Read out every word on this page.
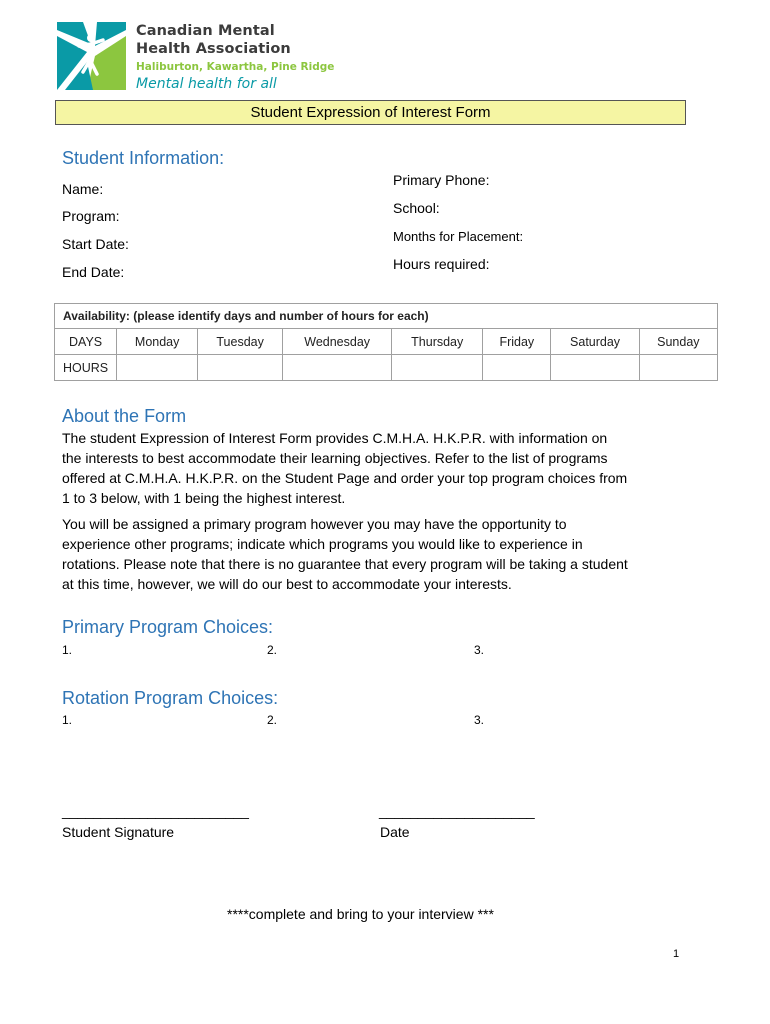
Canadian Mental
Health Association
Haliburton, Kawartha, Pine Ridge
Mental health for all
Student Expression of Interest Form
Student Information:
Name:
Program:
Start Date:
End Date:
Primary Phone:
School:
Months for Placement:
Hours required:
Availability: (please identify days and number of hours for each)							
DAYS	Monday	Tuesday	Wednesday	Thursday	Friday	Saturday	Sunday
HOURS							
About the Form
The student Expression of Interest Form provides C.M.H.A. H.K.P.R. with information on
the interests to best accommodate their learning objectives. Refer to the list of programs
offered at C.M.H.A. H.K.P.R. on the Student Page and order your top program choices from
1 to 3 below, with 1 being the highest interest.
You will be assigned a primary program however you may have the opportunity to
experience other programs; indicate which programs you would like to experience in
rotations. Please note that there is no guarantee that every program will be taking a student
at this time, however, we will do our best to accommodate your interests.
Primary Program Choices:
1.	2.	3.
Rotation Program Choices:
1.	2.	3.
________________________	____________________
Student Signature	Date
****complete and bring to your interview ***
1
